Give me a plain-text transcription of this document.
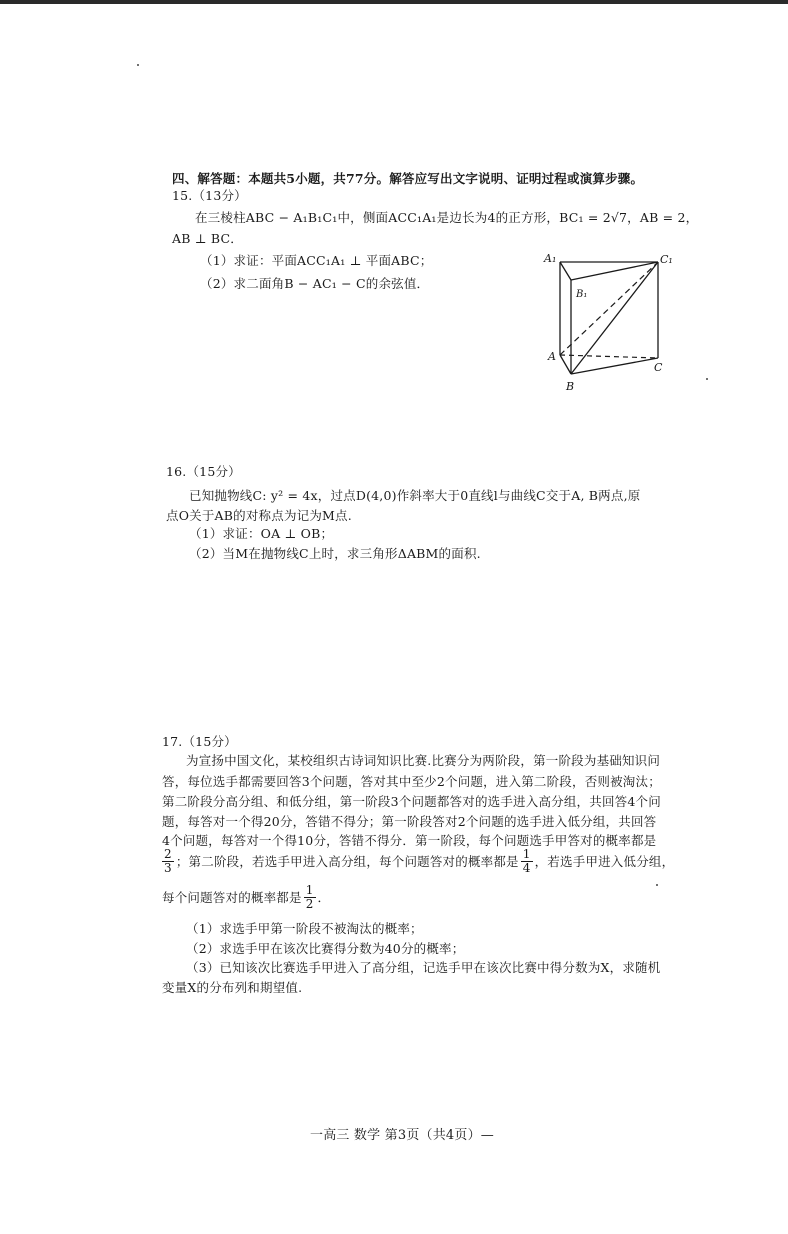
四、解答题：本题共5小题，共77分。解答应写出文字说明、证明过程或演算步骤。
15.（13分）
在三棱柱ABC − A₁B₁C₁中，侧面ACC₁A₁是边长为4的正方形，BC₁ = 2√7，AB = 2，
AB ⊥ BC．
（1）求证：平面ACC₁A₁ ⊥ 平面ABC；
（2）求二面角B − AC₁ − C的余弦值．
A₁	C₁
B₁
A
B
C
16.（15分）
已知抛物线C: y² = 4x，过点D(4,0)作斜率大于0直线l与曲线C交于A, B两点,原
点O关于AB的对称点为记为M点.
（1）求证：OA ⊥ OB；
（2）当M在抛物线C上时，求三角形ΔABM的面积.
17.（15分）
为宣扬中国文化，某校组织古诗词知识比赛.比赛分为两阶段，第一阶段为基础知识问
答，每位选手都需要回答3个问题，答对其中至少2个问题，进入第二阶段，否则被淘汰；
第二阶段分高分组、和低分组，第一阶段3个问题都答对的选手进入高分组，共回答4个问
题，每答对一个得20分，答错不得分；第一阶段答对2个问题的选手进入低分组，共回答
4个问题，每答对一个得10分，答错不得分．第一阶段，每个问题选手甲答对的概率都是
$\frac{2}{3}$ ；第二阶段，若选手甲进入高分组，每个问题答对的概率都是 $\frac{1}{4}$ ，若选手甲进入低分组，
每个问题答对的概率都是 $\frac{1}{2}$ ．
（1）求选手甲第一阶段不被淘汰的概率；
（2）求选手甲在该次比赛得分数为40分的概率；
（3）已知该次比赛选手甲进入了高分组，记选手甲在该次比赛中得分数为X，求随机
变量X的分布列和期望值.
一高三 数学 第3页（共4页）—
